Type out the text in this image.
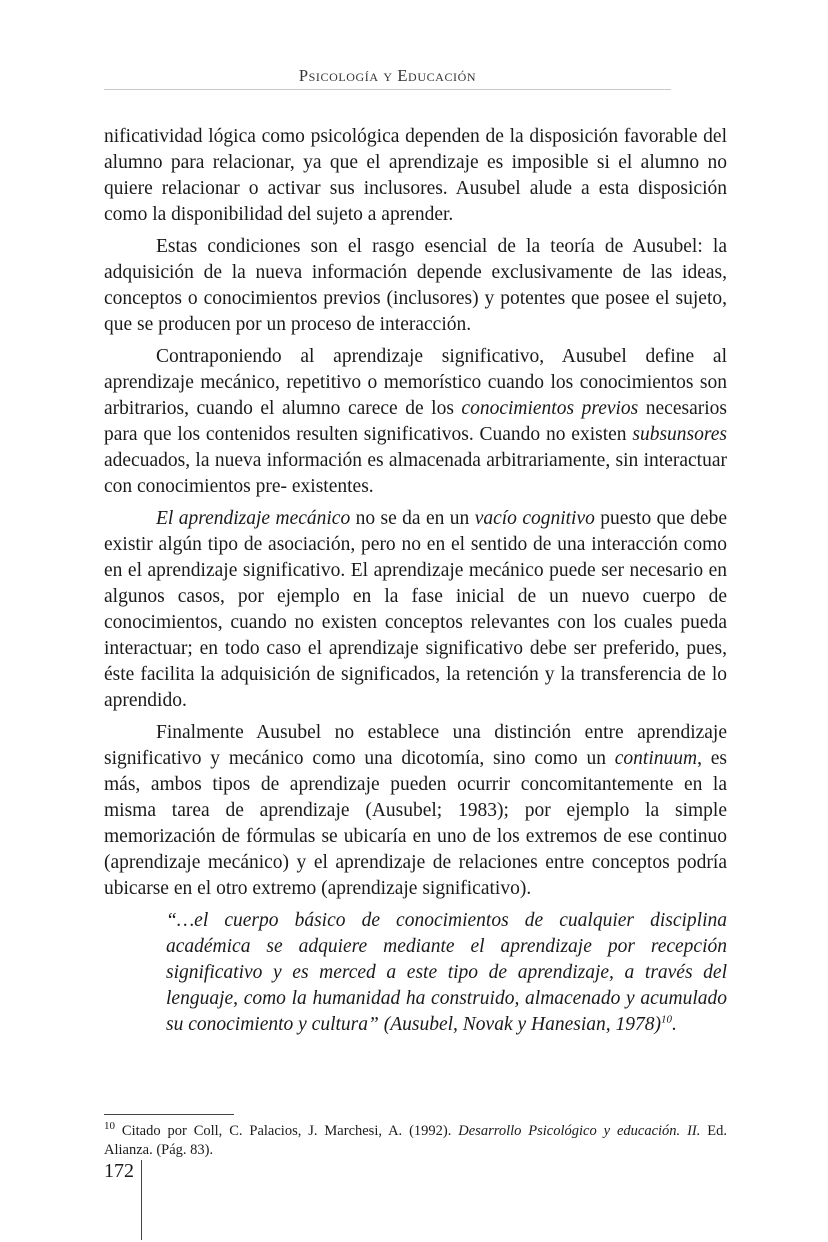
Psicología y Educación

nificatividad lógica como psicológica dependen de la disposición favorable del alumno para relacionar, ya que el aprendizaje es imposible si el alumno no quiere relacionar o activar sus inclusores. Ausubel alude a esta disposición como la disponibilidad del sujeto a aprender.

Estas condiciones son el rasgo esencial de la teoría de Ausubel: la adquisición de la nueva información depende exclusivamente de las ideas, conceptos o conocimientos previos (inclusores) y potentes que posee el sujeto, que se producen por un proceso de interacción.

Contraponiendo al aprendizaje significativo, Ausubel define al aprendizaje mecánico, repetitivo o memorístico cuando los conocimientos son arbitrarios, cuando el alumno carece de los conocimientos previos necesarios para que los contenidos resulten significativos. Cuando no existen subsunsores adecuados, la nueva información es almacenada arbitrariamente, sin interactuar con conocimientos pre- existentes.

El aprendizaje mecánico no se da en un vacío cognitivo puesto que debe existir algún tipo de asociación, pero no en el sentido de una interacción como en el aprendizaje significativo. El aprendizaje mecánico puede ser necesario en algunos casos, por ejemplo en la fase inicial de un nuevo cuerpo de conocimientos, cuando no existen conceptos relevantes con los cuales pueda interactuar; en todo caso el aprendizaje significativo debe ser preferido, pues, éste facilita la adquisición de significados, la retención y la transferencia de lo aprendido.

Finalmente Ausubel no establece una distinción entre aprendizaje significativo y mecánico como una dicotomía, sino como un continuum, es más, ambos tipos de aprendizaje pueden ocurrir concomitantemente en la misma tarea de aprendizaje (Ausubel; 1983); por ejemplo la simple memorización de fórmulas se ubicaría en uno de los extremos de ese continuo (aprendizaje mecánico) y el aprendizaje de relaciones entre conceptos podría ubicarse en el otro extremo (aprendizaje significativo).

“…el cuerpo básico de conocimientos de cualquier disciplina académica se adquiere mediante el aprendizaje por recepción significativo y es merced a este tipo de aprendizaje, a través del lenguaje, como la humanidad ha construido, almacenado y acumulado su conocimiento y cultura” (Ausubel, Novak y Hanesian, 1978)$^{10}$.
$^{10}$ Citado por Coll, C. Palacios, J. Marchesi, A. (1992). Desarrollo Psicológico y educación. II. Ed. Alianza. (Pág. 83).
172
